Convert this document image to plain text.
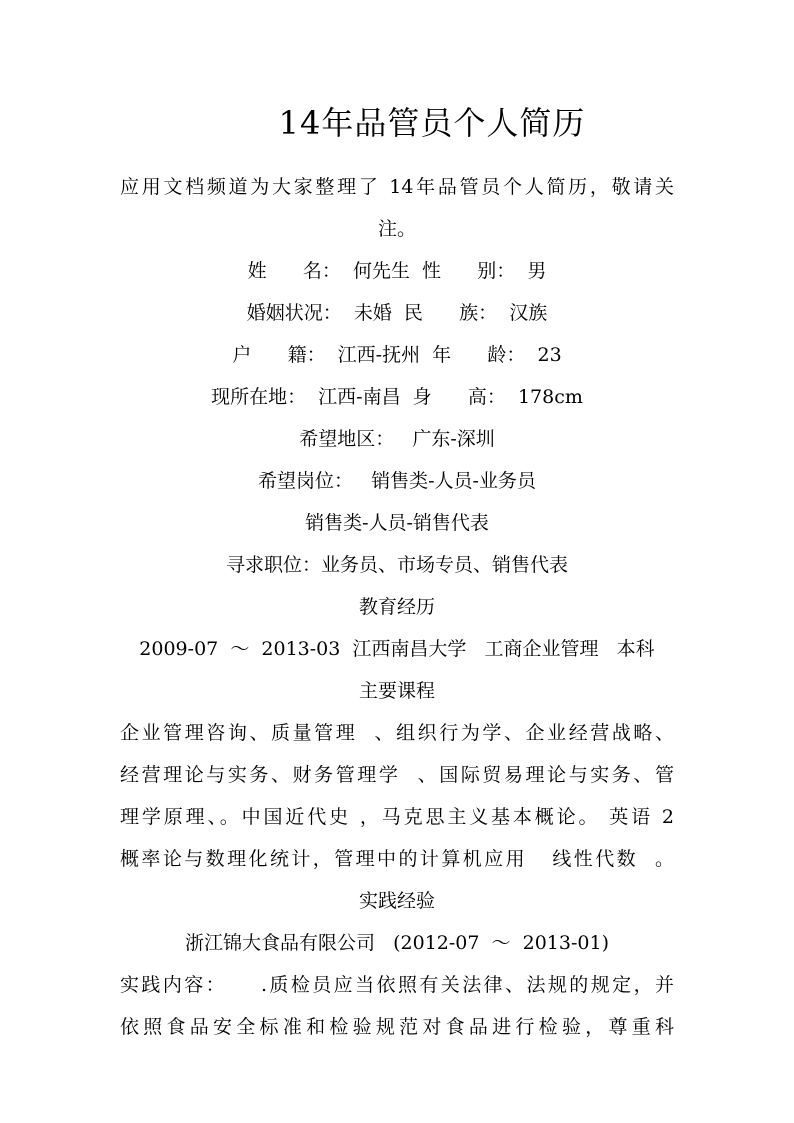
14年品管员个人简历
应用文档频道为大家整理了 14年品管员个人简历，敬请关
注。
姓      名：  何先生  性      别：  男
婚姻状况：  未婚  民      族：  汉族
户      籍：  江西-抚州  年      龄：  23
现所在地：  江西-南昌  身      高：  178cm
希望地区：   广东-深圳
希望岗位：   销售类-人员-业务员
销售类-人员-销售代表
寻求职位：业务员、市场专员、销售代表
教育经历
2009-07  ～  2013-03  江西南昌大学   工商企业管理   本科
主要课程
企业管理咨询、质量管理  、组织行为学、企业经营战略、
经营理论与实务、财务管理学  、国际贸易理论与实务、管
理学原理、。中国近代史 ，马克思主义基本概论。 英语 2
概率论与数理化统计，管理中的计算机应用   线性代数  。
实践经验
浙江锦大食品有限公司   (2012-07  ～  2013-01)
实践内容：    .质检员应当依照有关法律、法规的规定，并
依照食品安全标准和检验规范对食品进行检验，尊重科
